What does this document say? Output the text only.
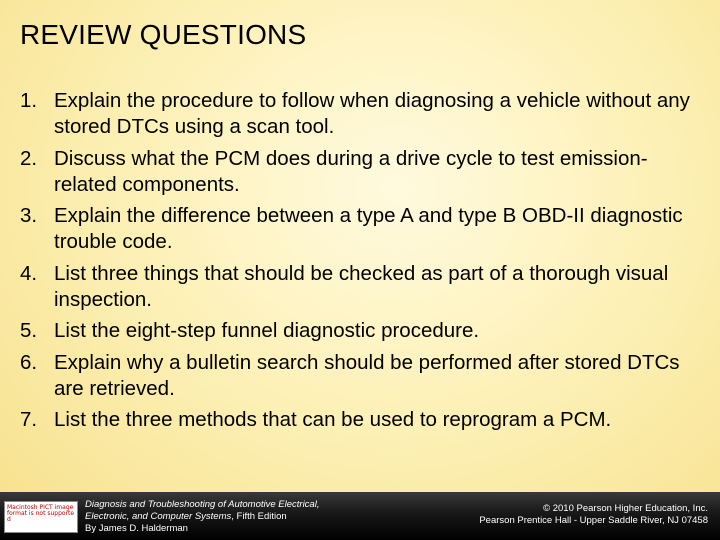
REVIEW QUESTIONS
1. Explain the procedure to follow when diagnosing a vehicle without any stored DTCs using a scan tool.
2. Discuss what the PCM does during a drive cycle to test emission-related components.
3. Explain the difference between a type A and type B OBD-II diagnostic trouble code.
4. List three things that should be checked as part of a thorough visual inspection.
5. List the eight-step funnel diagnostic procedure.
6. Explain why a bulletin search should be performed after stored DTCs are retrieved.
7. List the three methods that can be used to reprogram a PCM.
Macintosh PICT image format is not supported
Diagnosis and Troubleshooting of Automotive Electrical,
Electronic, and Computer Systems, Fifth Edition
By James D. Halderman
© 2010 Pearson Higher Education, Inc.
Pearson Prentice Hall - Upper Saddle River, NJ 07458
